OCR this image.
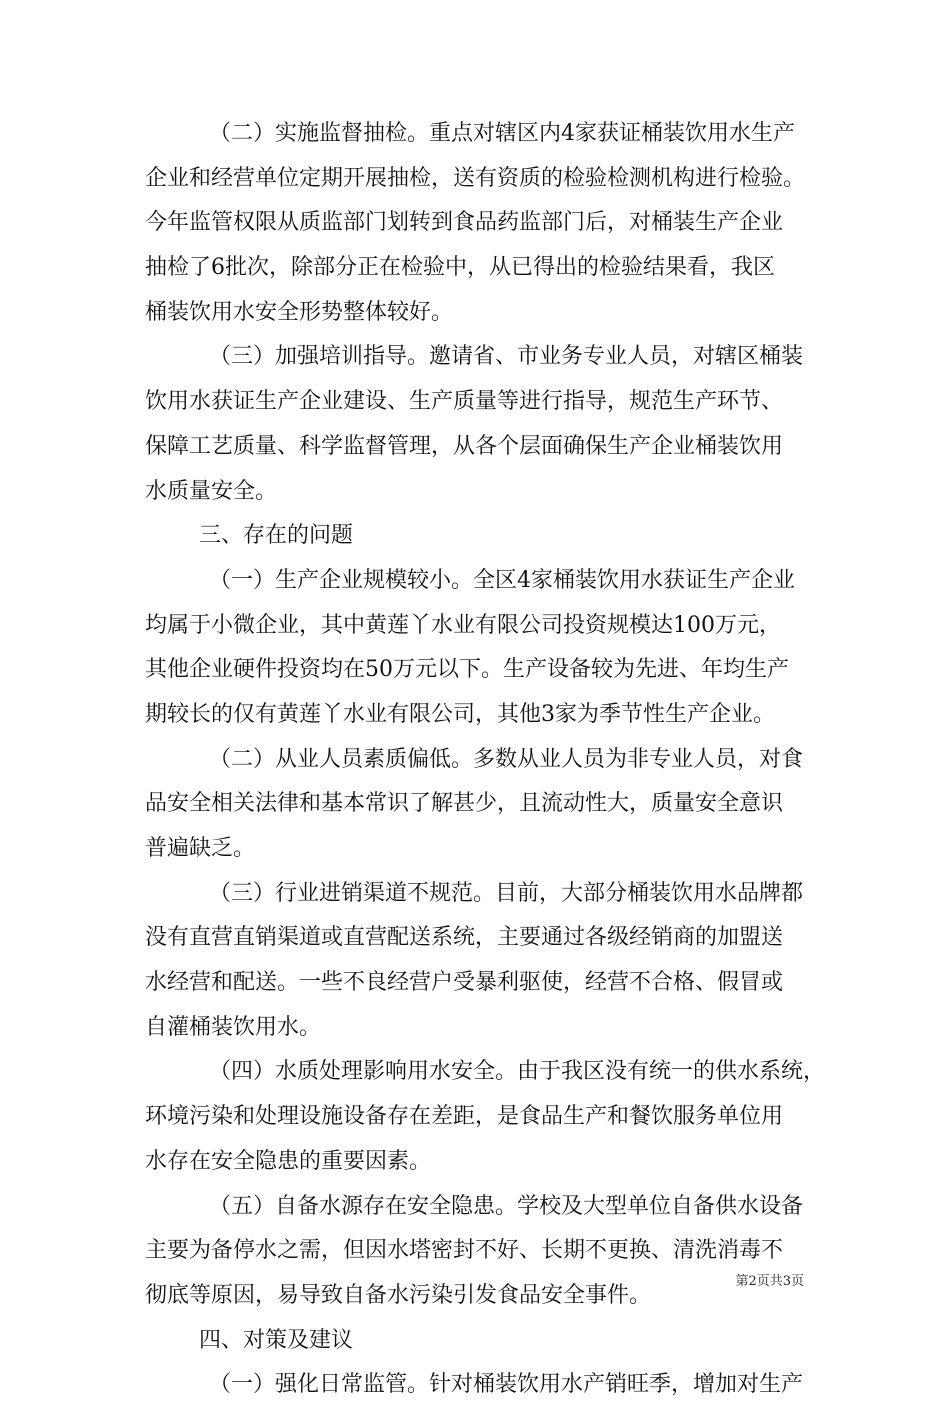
（二）实施监督抽检。重点对辖区内4家获证桶装饮用水生产
企业和经营单位定期开展抽检，送有资质的检验检测机构进行检验。
今年监管权限从质监部门划转到食品药监部门后，对桶装生产企业
抽检了6批次，除部分正在检验中，从已得出的检验结果看，我区
桶装饮用水安全形势整体较好。

（三）加强培训指导。邀请省、市业务专业人员，对辖区桶装
饮用水获证生产企业建设、生产质量等进行指导，规范生产环节、
保障工艺质量、科学监督管理，从各个层面确保生产企业桶装饮用
水质量安全。

三、存在的问题

（一）生产企业规模较小。全区4家桶装饮用水获证生产企业
均属于小微企业，其中黄莲丫水业有限公司投资规模达100万元，
其他企业硬件投资均在50万元以下。生产设备较为先进、年均生产
期较长的仅有黄莲丫水业有限公司，其他3家为季节性生产企业。

（二）从业人员素质偏低。多数从业人员为非专业人员，对食
品安全相关法律和基本常识了解甚少，且流动性大，质量安全意识
普遍缺乏。

（三）行业进销渠道不规范。目前，大部分桶装饮用水品牌都
没有直营直销渠道或直营配送系统，主要通过各级经销商的加盟送
水经营和配送。一些不良经营户受暴利驱使，经营不合格、假冒或
自灌桶装饮用水。

（四）水质处理影响用水安全。由于我区没有统一的供水系统，
环境污染和处理设施设备存在差距，是食品生产和餐饮服务单位用
水存在安全隐患的重要因素。

（五）自备水源存在安全隐患。学校及大型单位自备供水设备
主要为备停水之需，但因水塔密封不好、长期不更换、清洗消毒不
彻底等原因，易导致自备水污染引发食品安全事件。

四、对策及建议

（一）强化日常监管。针对桶装饮用水产销旺季，增加对生产

第2页共3页
